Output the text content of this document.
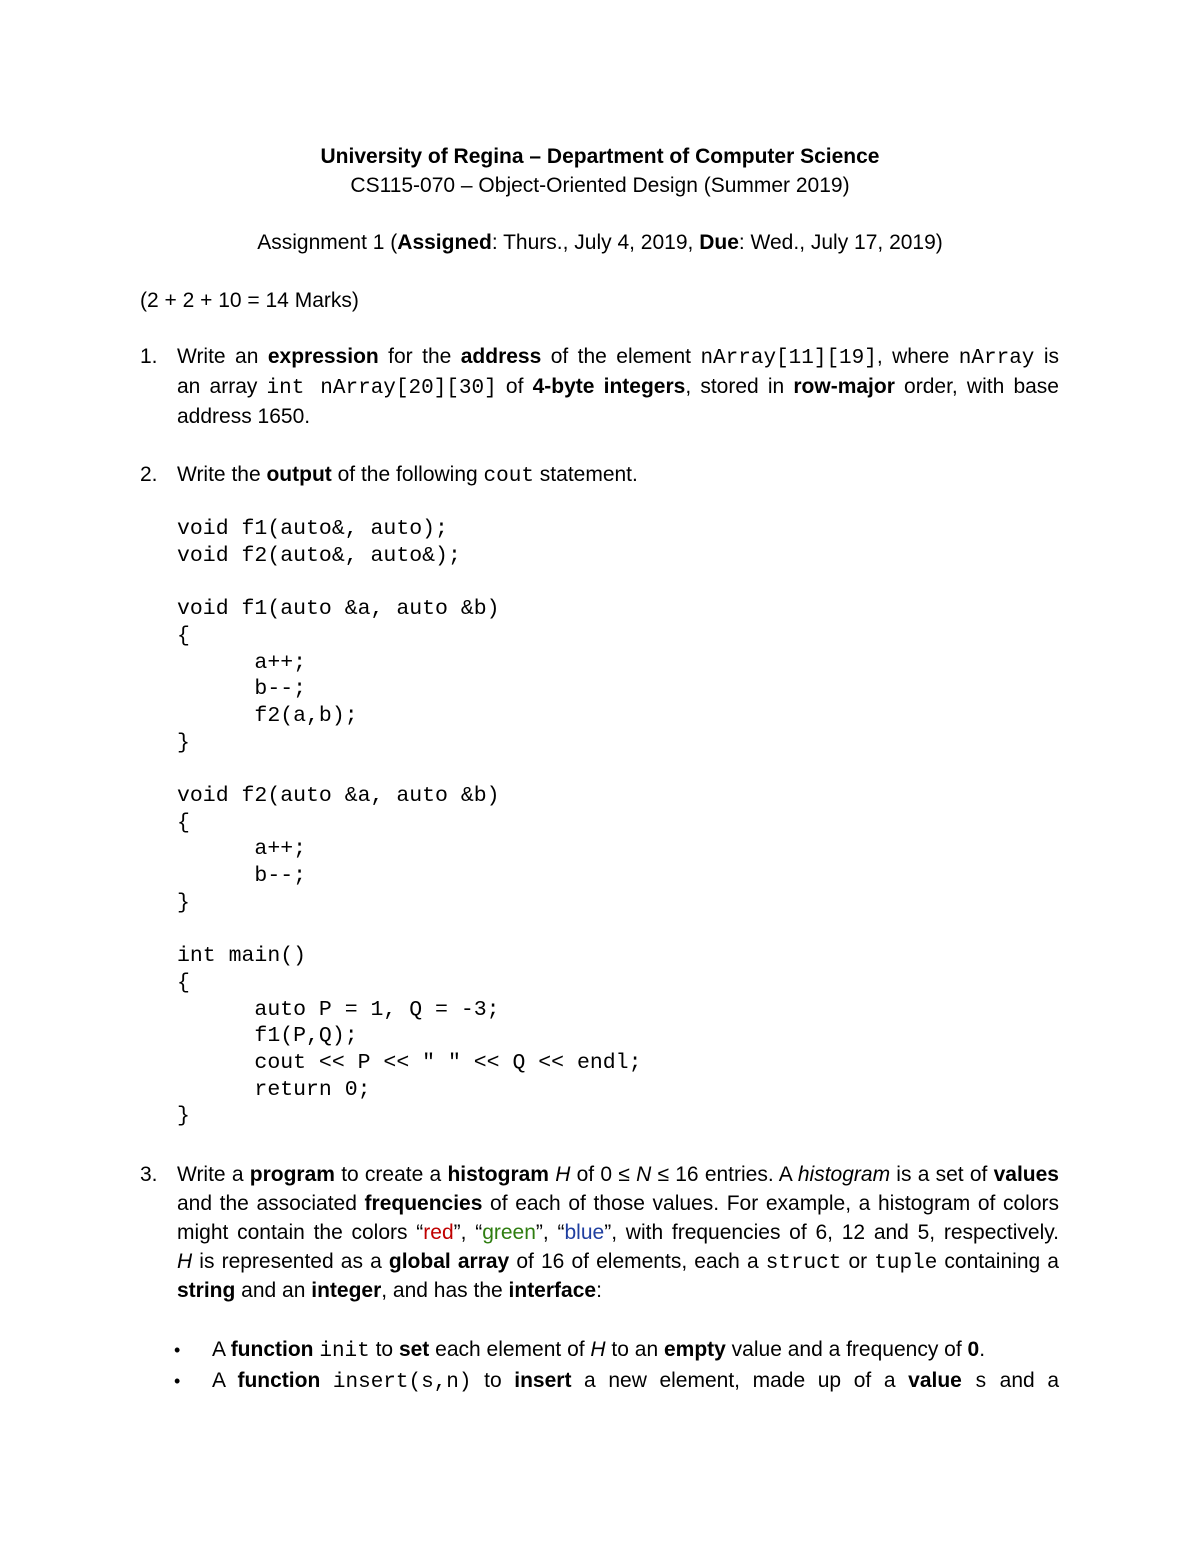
University of Regina – Department of Computer Science
CS115-070 – Object-Oriented Design (Summer 2019)
Assignment 1 (Assigned: Thurs., July 4, 2019, Due: Wed., July 17, 2019)
(2 + 2 + 10 = 14 Marks)
1. Write an expression for the address of the element nArray[11][19], where nArray is
an array int nArray[20][30] of 4-byte integers, stored in row-major order, with base
address 1650.
2. Write the output of the following cout statement.
void f1(auto&, auto);
void f2(auto&, auto&);

void f1(auto &a, auto &b)
{
a++;
b--;
f2(a,b);
}

void f2(auto &a, auto &b)
{
a++;
b--;
}

int main()
{
auto P = 1, Q = -3;
f1(P,Q);
cout << P << " " << Q << endl;
return 0;
}
3. Write a program to create a histogram H of 0 ≤ N ≤ 16 entries. A histogram is a set of values
and the associated frequencies of each of those values. For example, a histogram of colors
might contain the colors “red”, “green”, “blue”, with frequencies of 6, 12 and 5, respectively.
H is represented as a global array of 16 of elements, each a struct or tuple containing a
string and an integer, and has the interface:
• A function init to set each element of H to an empty value and a frequency of 0.
• A function insert(s,n) to insert a new element, made up of a value s and a
